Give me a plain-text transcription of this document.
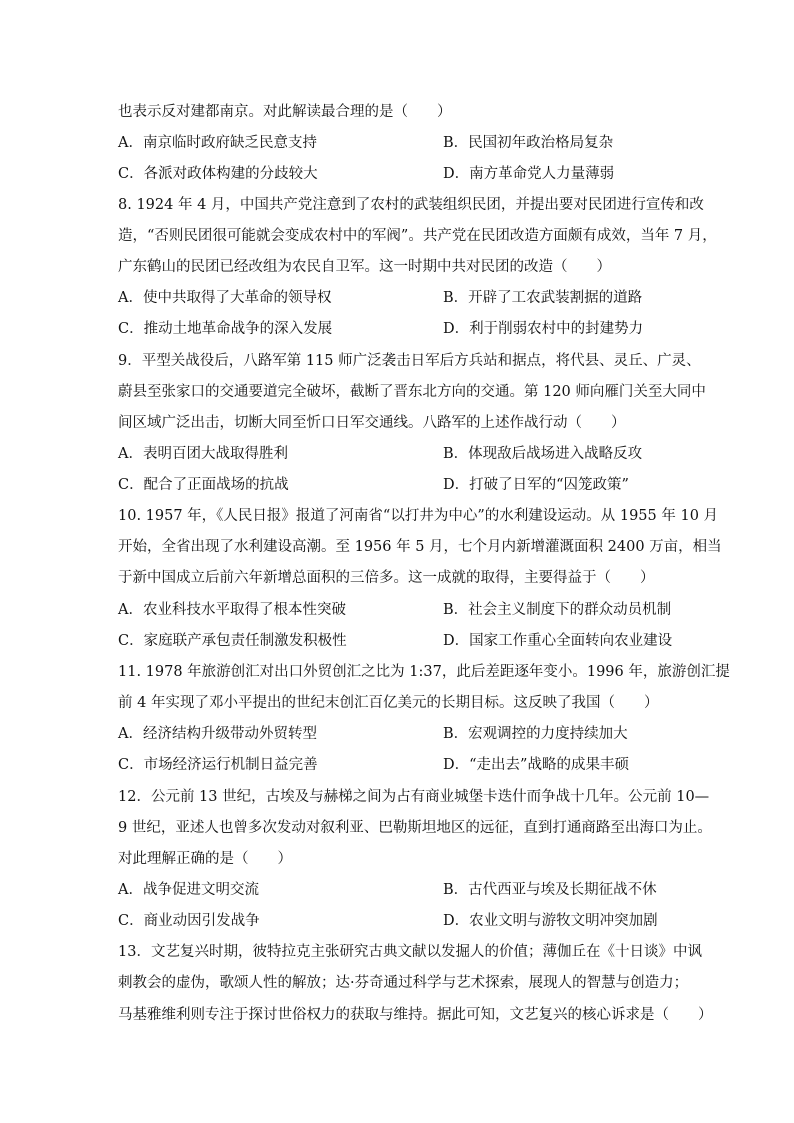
也表示反对建都南京。对此解读最合理的是（　　）
A．南京临时政府缺乏民意支持	B．民国初年政治格局复杂
C．各派对政体构建的分歧较大	D．南方革命党人力量薄弱
8. 1924 年 4 月，中国共产党注意到了农村的武装组织民团，并提出要对民团进行宣传和改
造，“否则民团很可能就会变成农村中的军阀”。共产党在民团改造方面颇有成效，当年 7 月，
广东鹤山的民团已经改组为农民自卫军。这一时期中共对民团的改造（　　）
A．使中共取得了大革命的领导权	B．开辟了工农武装割据的道路
C．推动土地革命战争的深入发展	D．利于削弱农村中的封建势力
9．平型关战役后，八路军第 115 师广泛袭击日军后方兵站和据点，将代县、灵丘、广灵、
蔚县至张家口的交通要道完全破坏，截断了晋东北方向的交通。第 120 师向雁门关至大同中
间区域广泛出击，切断大同至忻口日军交通线。八路军的上述作战行动（　　）
A．表明百团大战取得胜利	B．体现敌后战场进入战略反攻
C．配合了正面战场的抗战	D．打破了日军的“囚笼政策”
10. 1957 年，《人民日报》报道了河南省“以打井为中心”的水利建设运动。从 1955 年 10 月
开始，全省出现了水利建设高潮。至 1956 年 5 月，七个月内新增灌溉面积 2400 万亩，相当
于新中国成立后前六年新增总面积的三倍多。这一成就的取得，主要得益于（　　）
A．农业科技水平取得了根本性突破	B．社会主义制度下的群众动员机制
C．家庭联产承包责任制激发积极性	D．国家工作重心全面转向农业建设
11. 1978 年旅游创汇对出口外贸创汇之比为 1:37，此后差距逐年变小。1996 年，旅游创汇提
前 4 年实现了邓小平提出的世纪末创汇百亿美元的长期目标。这反映了我国（　　）
A．经济结构升级带动外贸转型	B．宏观调控的力度持续加大
C．市场经济运行机制日益完善	D．“走出去”战略的成果丰硕
12．公元前 13 世纪，古埃及与赫梯之间为占有商业城堡卡迭什而争战十几年。公元前 10—
9 世纪，亚述人也曾多次发动对叙利亚、巴勒斯坦地区的远征，直到打通商路至出海口为止。
对此理解正确的是（　　）
A．战争促进文明交流	B．古代西亚与埃及长期征战不休
C．商业动因引发战争	D．农业文明与游牧文明冲突加剧
13．文艺复兴时期，彼特拉克主张研究古典文献以发掘人的价值；薄伽丘在《十日谈》中讽
刺教会的虚伪，歌颂人性的解放；达·芬奇通过科学与艺术探索，展现人的智慧与创造力；
马基雅维利则专注于探讨世俗权力的获取与维持。据此可知，文艺复兴的核心诉求是（　　）
